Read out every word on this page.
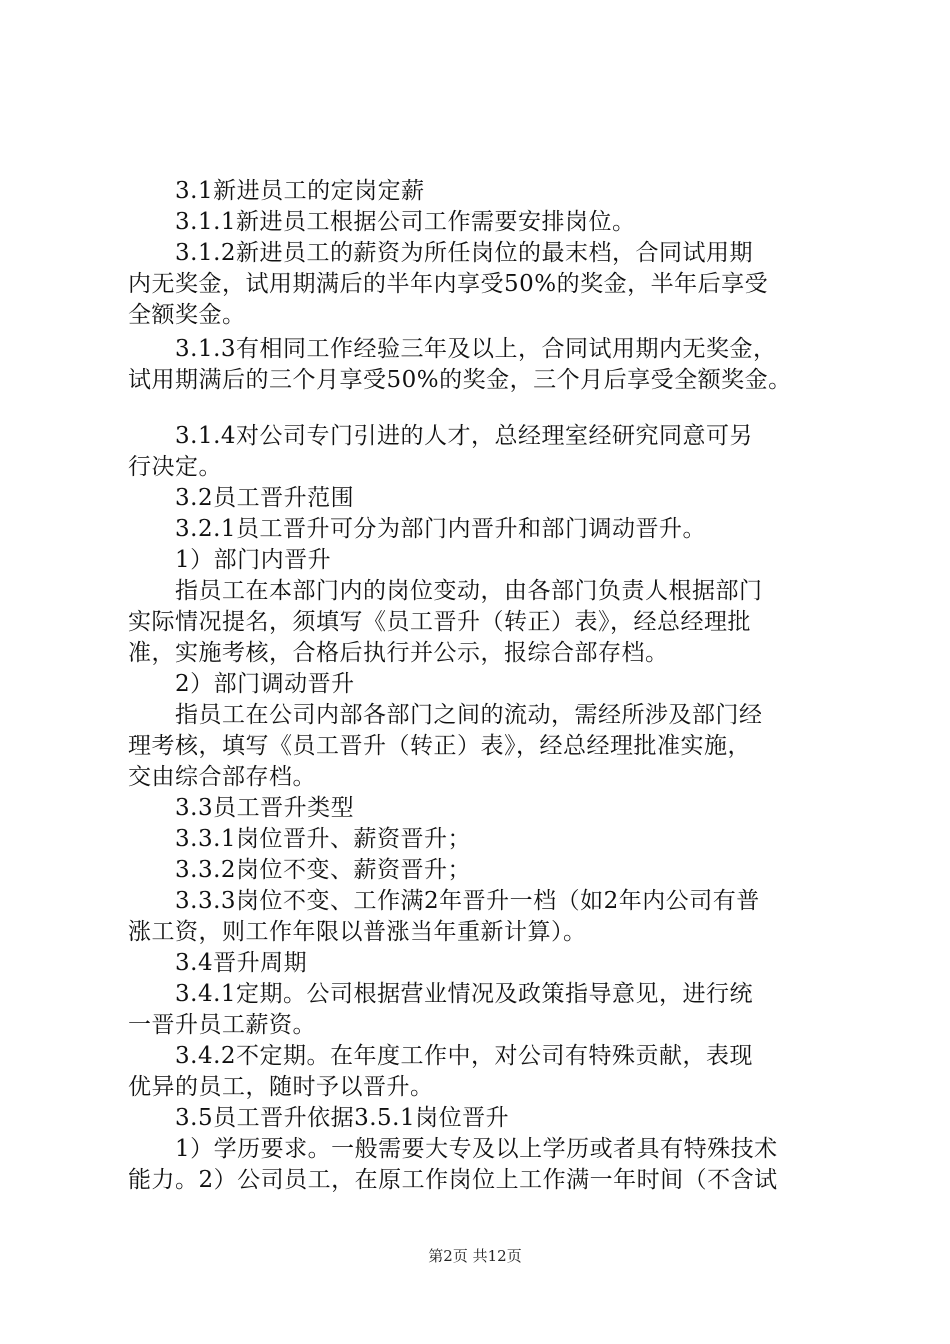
　　3.1新进员工的定岗定薪
　　3.1.1新进员工根据公司工作需要安排岗位。
　　3.1.2新进员工的薪资为所任岗位的最末档，合同试用期
内无奖金，试用期满后的半年内享受50%的奖金，半年后享受
全额奖金。
　　3.1.3有相同工作经验三年及以上，合同试用期内无奖金，
试用期满后的三个月享受50%的奖金，三个月后享受全额奖金。
　　3.1.4对公司专门引进的人才，总经理室经研究同意可另
行决定。
　　3.2员工晋升范围
　　3.2.1员工晋升可分为部门内晋升和部门调动晋升。
　　1）部门内晋升
　　指员工在本部门内的岗位变动，由各部门负责人根据部门
实际情况提名，须填写《员工晋升（转正）表》，经总经理批
准，实施考核，合格后执行并公示，报综合部存档。
　　2）部门调动晋升
　　指员工在公司内部各部门之间的流动，需经所涉及部门经
理考核，填写《员工晋升（转正）表》，经总经理批准实施，
交由综合部存档。
　　3.3员工晋升类型
　　3.3.1岗位晋升、薪资晋升；
　　3.3.2岗位不变、薪资晋升；
　　3.3.3岗位不变、工作满2年晋升一档（如2年内公司有普
涨工资，则工作年限以普涨当年重新计算）。
　　3.4晋升周期
　　3.4.1定期。公司根据营业情况及政策指导意见，进行统
一晋升员工薪资。
　　3.4.2不定期。在年度工作中，对公司有特殊贡献，表现
优异的员工，随时予以晋升。
　　3.5员工晋升依据3.5.1岗位晋升
　　1）学历要求。一般需要大专及以上学历或者具有特殊技术
能力。2）公司员工，在原工作岗位上工作满一年时间（不含试
第2页 共12页
